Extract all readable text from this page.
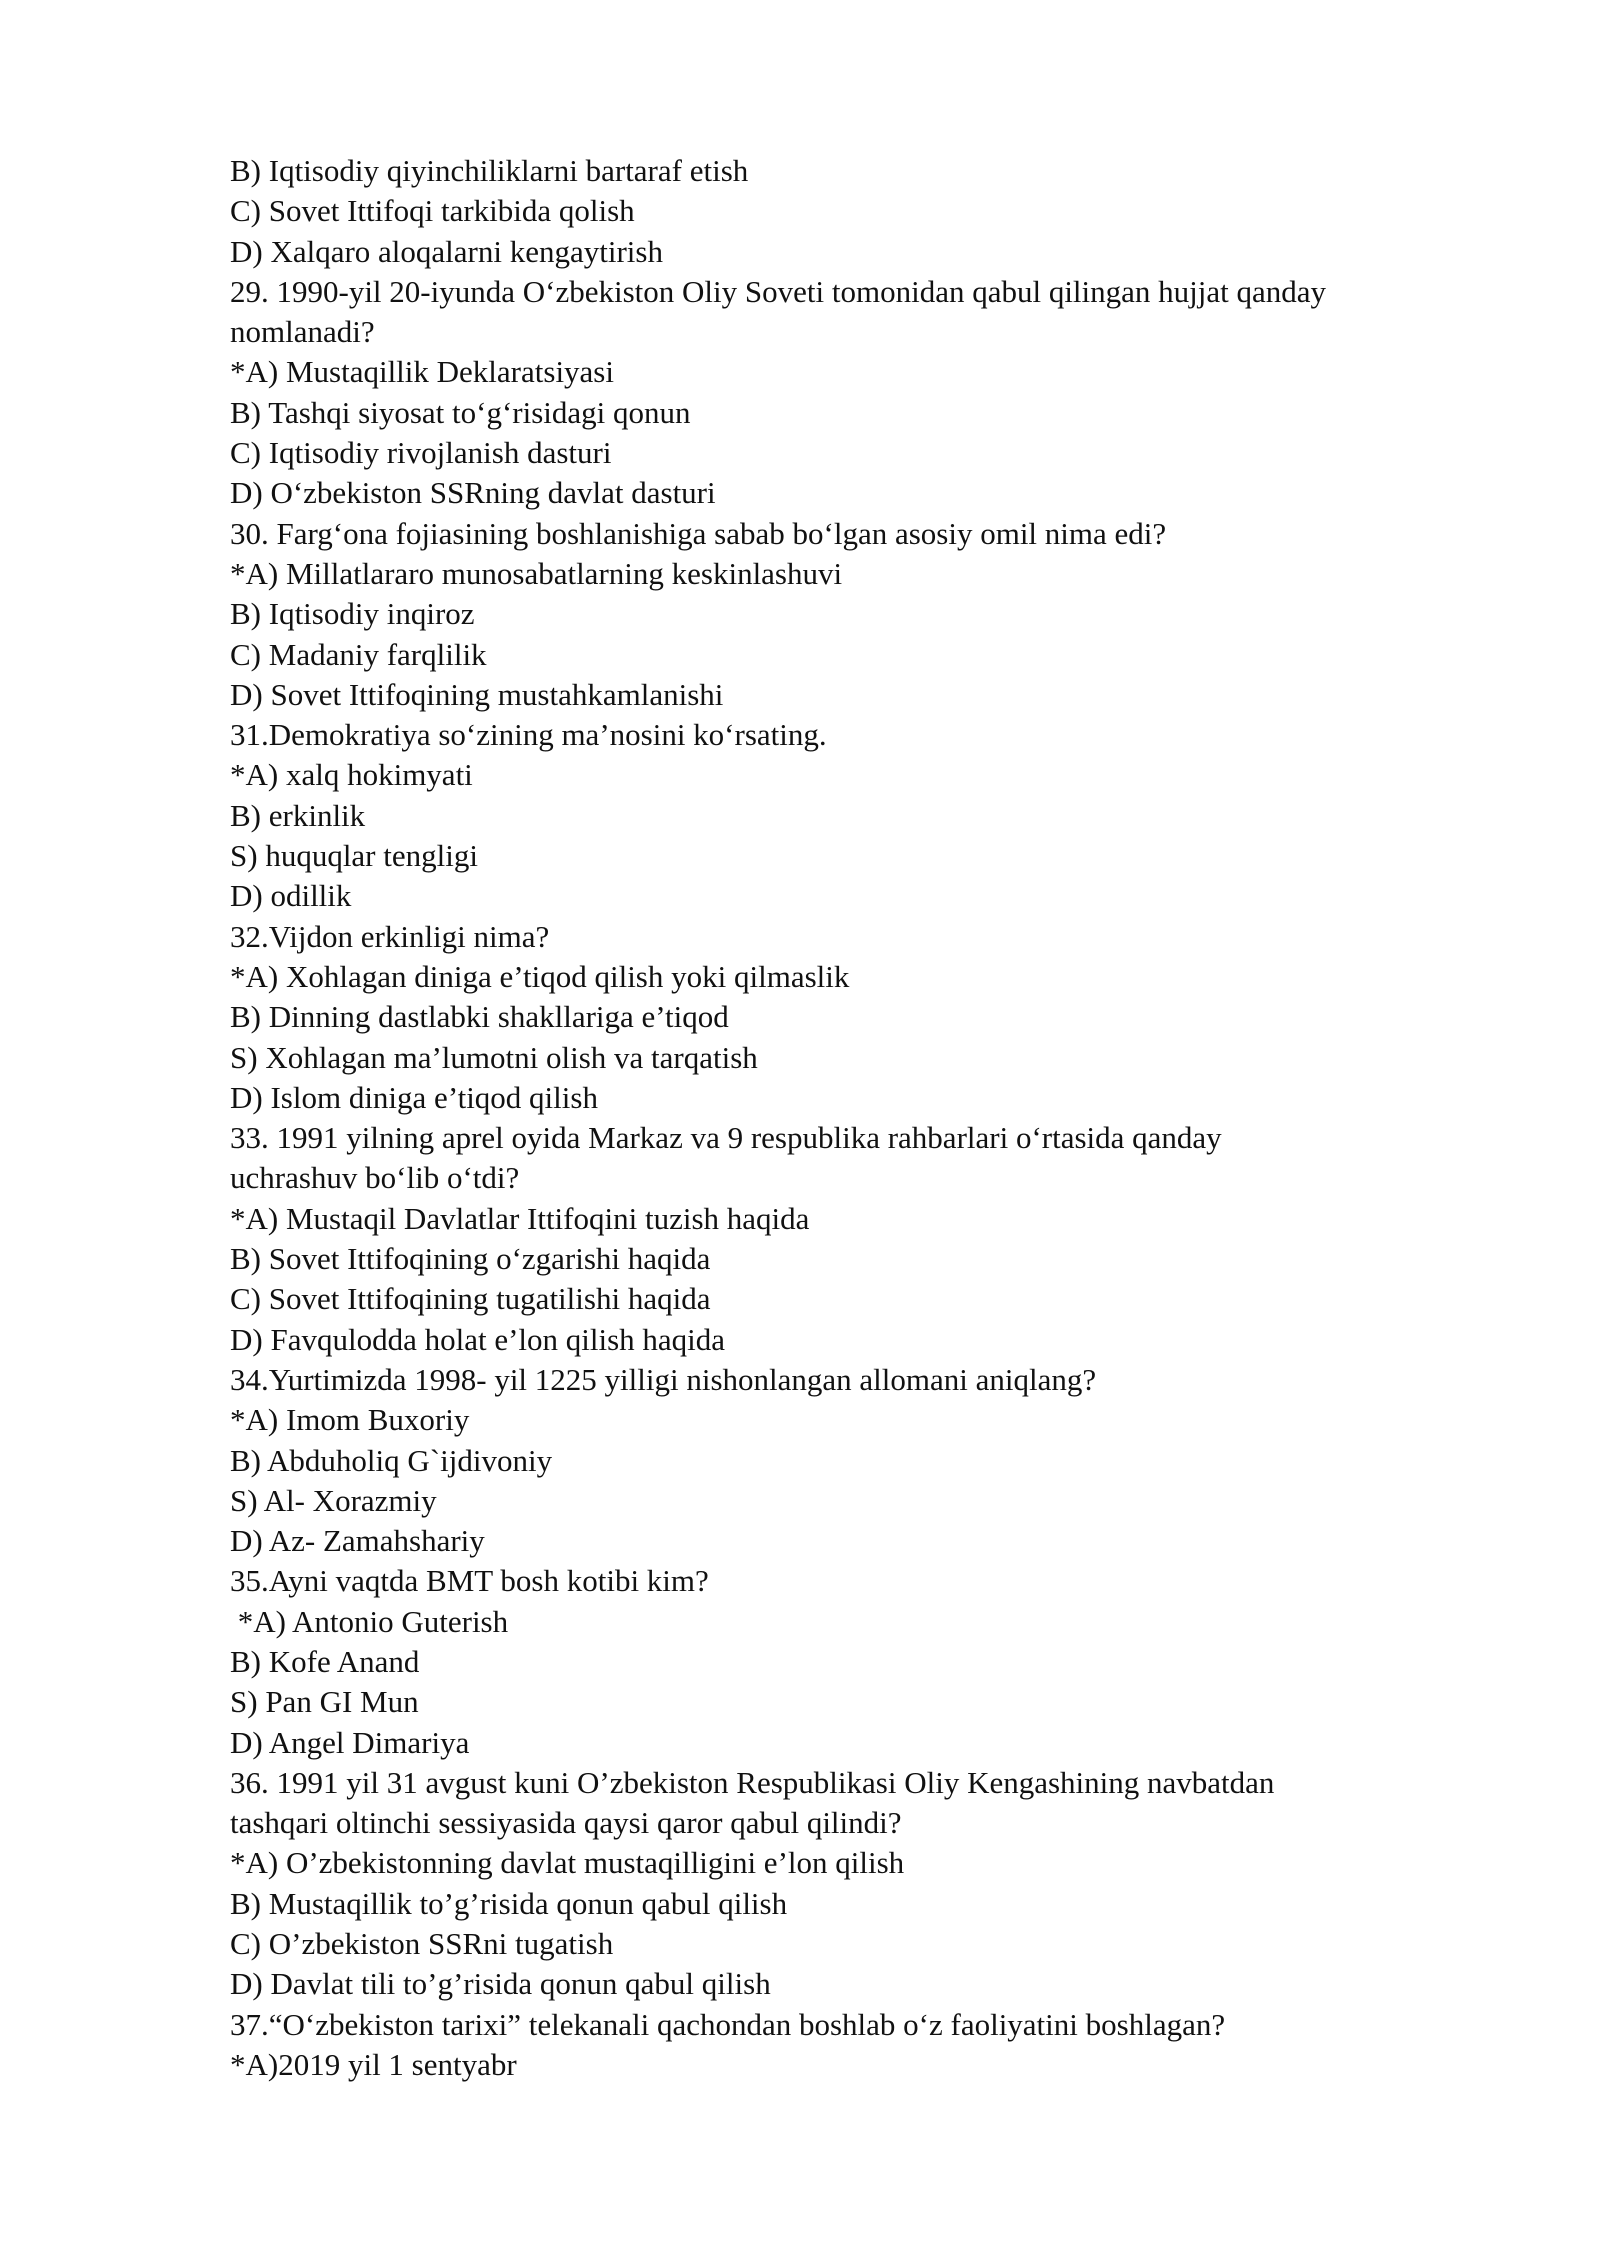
B) Iqtisodiy qiyinchiliklarni bartaraf etish
C) Sovet Ittifoqi tarkibida qolish
D) Xalqaro aloqalarni kengaytirish
29. 1990-yil 20-iyunda O‘zbekiston Oliy Soveti tomonidan qabul qilingan hujjat qanday
nomlanadi?
*A) Mustaqillik Deklaratsiyasi
B) Tashqi siyosat to‘g‘risidagi qonun
C) Iqtisodiy rivojlanish dasturi
D) O‘zbekiston SSRning davlat dasturi
30. Farg‘ona fojiasining boshlanishiga sabab bo‘lgan asosiy omil nima edi?
*A) Millatlararo munosabatlarning keskinlashuvi
B) Iqtisodiy inqiroz
C) Madaniy farqlilik
D) Sovet Ittifoqining mustahkamlanishi
31.Demokratiya so‘zining ma’nosini ko‘rsating.
*A) xalq hokimyati
B) erkinlik
S) huquqlar tengligi
D) odillik
32.Vijdon erkinligi nima?
*A) Xohlagan diniga e’tiqod qilish yoki qilmaslik
B) Dinning dastlabki shakllariga e’tiqod
S) Xohlagan ma’lumotni olish va tarqatish
D) Islom diniga e’tiqod qilish
33. 1991 yilning aprel oyida Markaz va 9 respublika rahbarlari o‘rtasida qanday
uchrashuv bo‘lib o‘tdi?
*A) Mustaqil Davlatlar Ittifoqini tuzish haqida
B) Sovet Ittifoqining o‘zgarishi haqida
C) Sovet Ittifoqining tugatilishi haqida
D) Favqulodda holat e’lon qilish haqida
34.Yurtimizda 1998- yil 1225 yilligi nishonlangan allomani aniqlang?
*A) Imom Buxoriy
B) Abduholiq G`ijdivoniy
S) Al- Xorazmiy
D) Az- Zamahshariy
35.Ayni vaqtda BMT bosh kotibi kim?
*A) Antonio Guterish
B) Kofe Anand
S) Pan GI Mun
D) Angel Dimariya
36. 1991 yil 31 avgust kuni O’zbekiston Respublikasi Oliy Kengashining navbatdan
tashqari oltinchi sessiyasida qaysi qaror qabul qilindi?
*A) O’zbekistonning davlat mustaqilligini e’lon qilish
B) Mustaqillik to’g’risida qonun qabul qilish
C) O’zbekiston SSRni tugatish
D) Davlat tili to’g’risida qonun qabul qilish
37.“O‘zbekiston tarixi” telekanali qachondan boshlab o‘z faoliyatini boshlagan?
*A)2019 yil 1 sentyabr
